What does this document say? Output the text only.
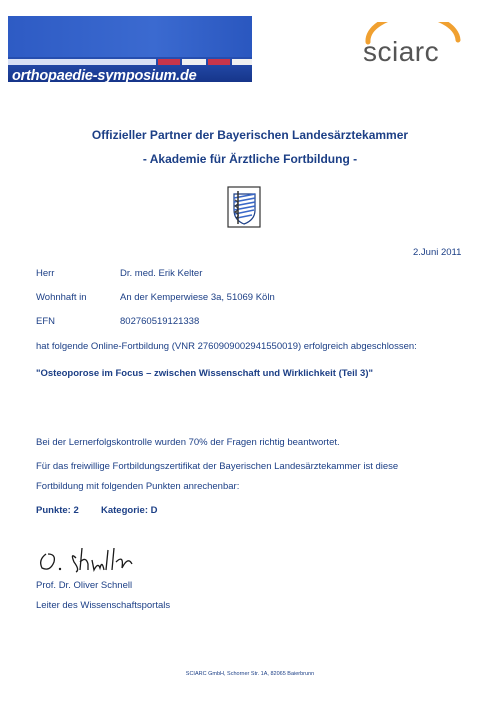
orthopaedie-symposium.de
sciarc
Offizieller Partner der Bayerischen Landesärztekammer
- Akademie für Ärztliche Fortbildung -
2.Juni 2011
Herr	Dr. med. Erik Kelter
Wohnhaft in	An der Kemperwiese 3a, 51069 Köln
EFN	802760519121338
hat folgende Online-Fortbildung (VNR 2760909002941550019) erfolgreich abgeschlossen:
"Osteoporose im Focus – zwischen Wissenschaft und Wirklichkeit (Teil 3)"
Bei der Lernerfolgskontrolle wurden 70% der Fragen richtig beantwortet.
Für das freiwillige Fortbildungszertifikat der Bayerischen Landesärztekammer ist diese
Fortbildung mit folgenden Punkten anrechenbar:
Punkte: 2 Kategorie: D
Prof. Dr. Oliver Schnell
Leiter des Wissenschaftsportals
SCIARC GmbH, Schorner Str. 1A, 82065 Baierbrunn
